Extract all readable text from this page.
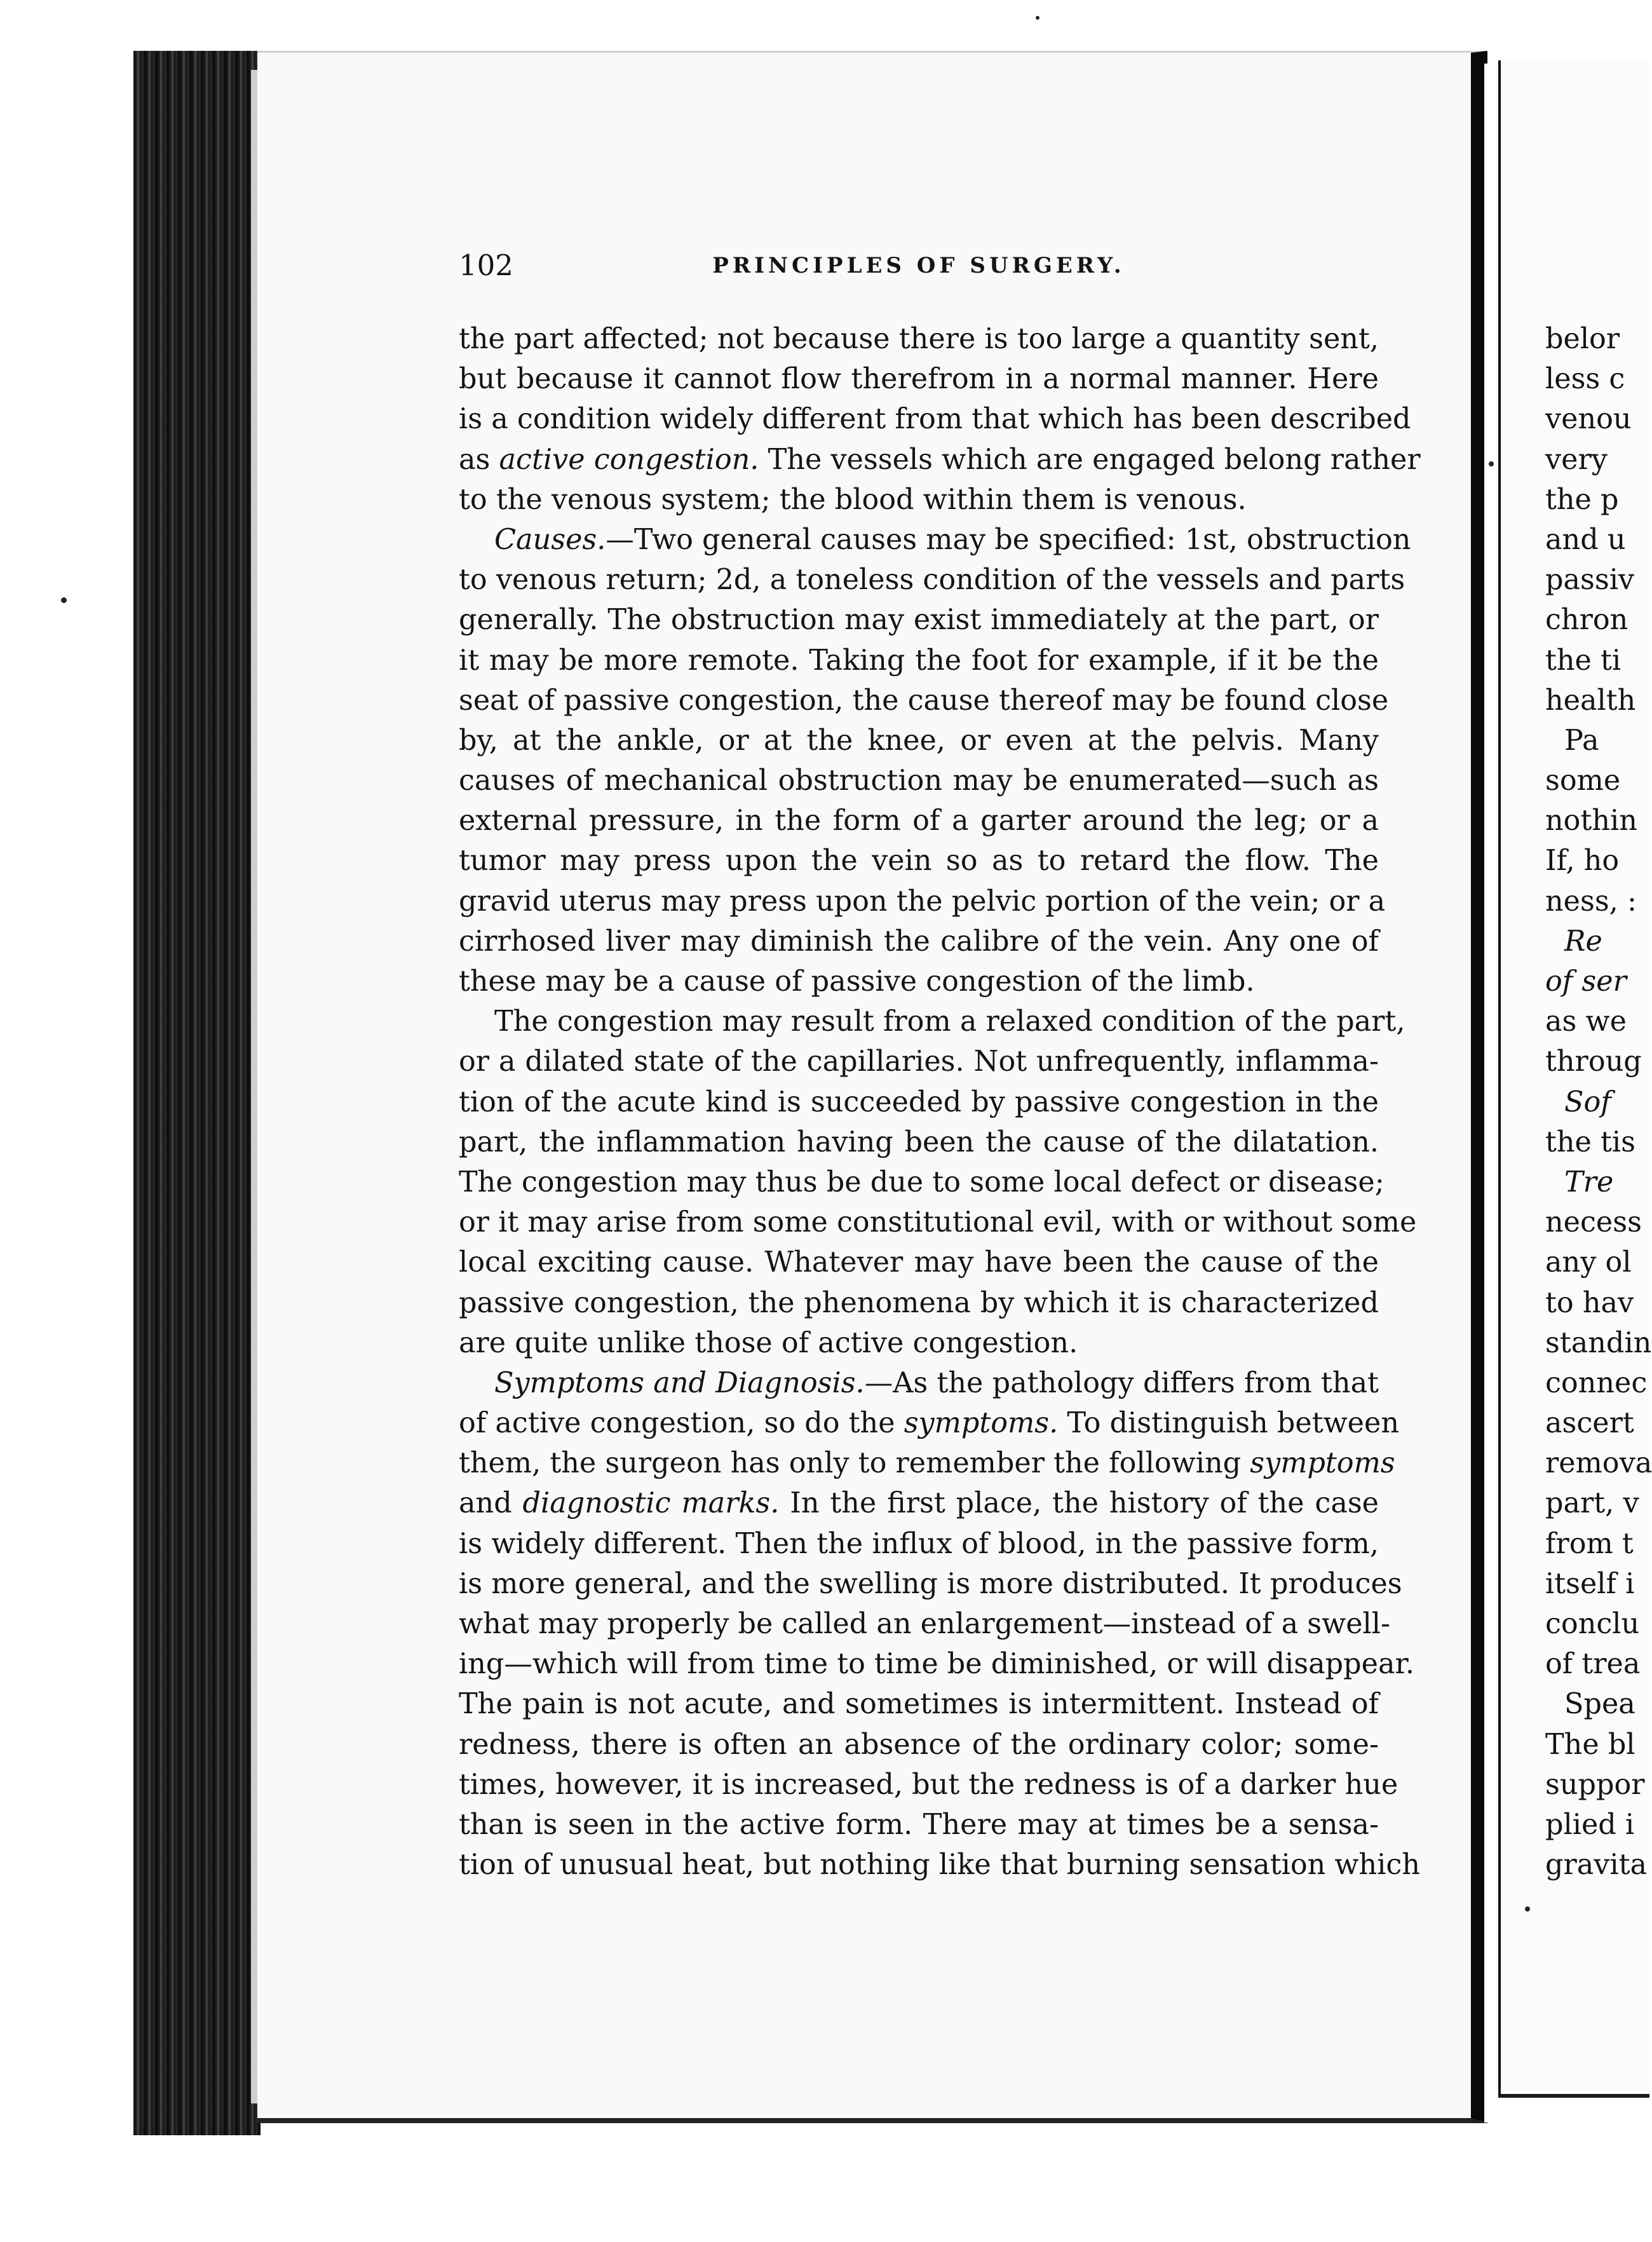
102	PRINCIPLES OF SURGERY.
the part affected; not because there is too large a quantity sent,
but because it cannot flow therefrom in a normal manner. Here
is a condition widely different from that which has been described
as active congestion. The vessels which are engaged belong rather
to the venous system; the blood within them is venous.
Causes.—Two general causes may be specified: 1st, obstruction
to venous return; 2d, a toneless condition of the vessels and parts
generally. The obstruction may exist immediately at the part, or
it may be more remote. Taking the foot for example, if it be the
seat of passive congestion, the cause thereof may be found close
by, at the ankle, or at the knee, or even at the pelvis. Many
causes of mechanical obstruction may be enumerated—such as
external pressure, in the form of a garter around the leg; or a
tumor may press upon the vein so as to retard the flow. The
gravid uterus may press upon the pelvic portion of the vein; or a
cirrhosed liver may diminish the calibre of the vein. Any one of
these may be a cause of passive congestion of the limb.
The congestion may result from a relaxed condition of the part,
or a dilated state of the capillaries. Not unfrequently, inflamma-
tion of the acute kind is succeeded by passive congestion in the
part, the inflammation having been the cause of the dilatation.
The congestion may thus be due to some local defect or disease;
or it may arise from some constitutional evil, with or without some
local exciting cause. Whatever may have been the cause of the
passive congestion, the phenomena by which it is characterized
are quite unlike those of active congestion.
Symptoms and Diagnosis.—As the pathology differs from that
of active congestion, so do the symptoms. To distinguish between
them, the surgeon has only to remember the following symptoms
and diagnostic marks. In the first place, the history of the case
is widely different. Then the influx of blood, in the passive form,
is more general, and the swelling is more distributed. It produces
what may properly be called an enlargement—instead of a swell-
ing—which will from time to time be diminished, or will disappear.
The pain is not acute, and sometimes is intermittent. Instead of
redness, there is often an absence of the ordinary color; some-
times, however, it is increased, but the redness is of a darker hue
than is seen in the active form. There may at times be a sensa-
tion of unusual heat, but nothing like that burning sensation which
belor
less c
venou
very
the p
and u
passiv
chron
the ti
health
Pa
some
nothin
If, ho
ness, :
Re
of ser
as we
throug
Sof
the tis
Tre
necess
any ol
to hav
standin
connec
ascert
remova
part, v
from t
itself i
conclu
of trea
Spea
The bl
suppor
plied i
gravita
